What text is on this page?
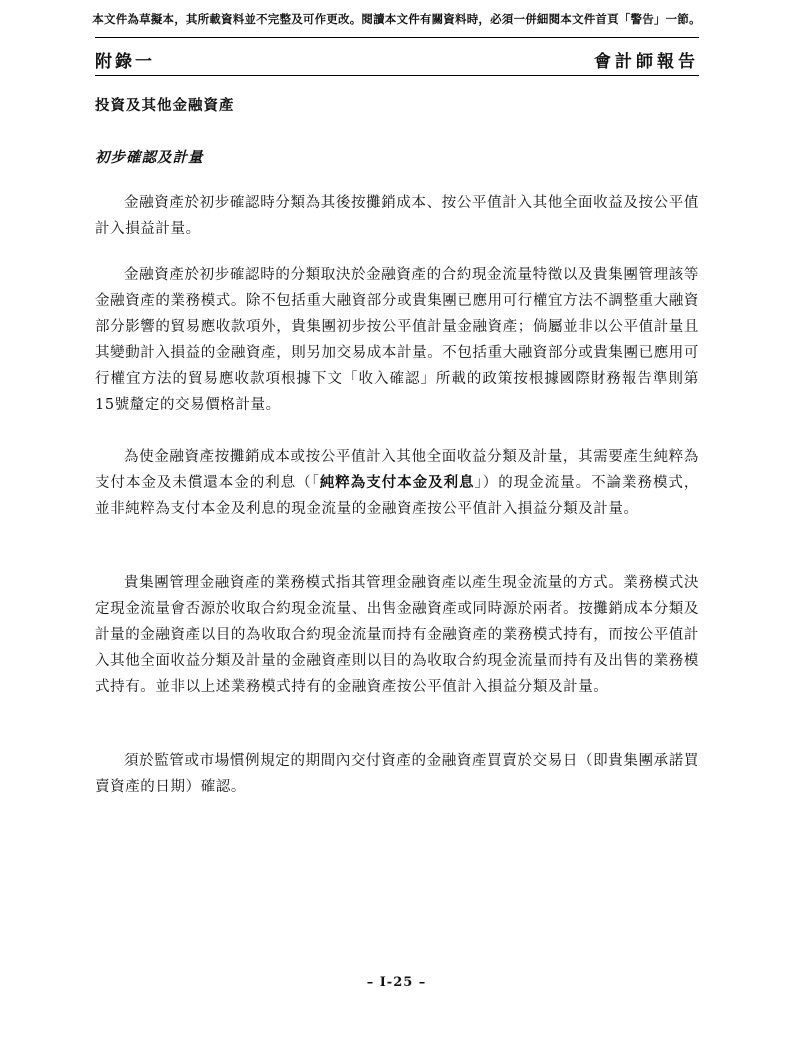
本文件為草擬本，其所載資料並不完整及可作更改。閱讀本文件有關資料時，必須一併細閱本文件首頁「警告」一節。
附錄一	會計師報告
投資及其他金融資產
初步確認及計量

金融資產於初步確認時分類為其後按攤銷成本、按公平值計入其他全面收益及按公平值計入損益計量。

金融資產於初步確認時的分類取決於金融資產的合約現金流量特徵以及貴集團管理該等金融資產的業務模式。除不包括重大融資部分或貴集團已應用可行權宜方法不調整重大融資部分影響的貿易應收款項外，貴集團初步按公平值計量金融資產；倘屬並非以公平值計量且其變動計入損益的金融資產，則另加交易成本計量。不包括重大融資部分或貴集團已應用可行權宜方法的貿易應收款項根據下文「收入確認」所載的政策按根據國際財務報告準則第15號釐定的交易價格計量。

為使金融資產按攤銷成本或按公平值計入其他全面收益分類及計量，其需要產生純粹為支付本金及未償還本金的利息（「純粹為支付本金及利息」）的現金流量。不論業務模式，並非純粹為支付本金及利息的現金流量的金融資產按公平值計入損益分類及計量。

貴集團管理金融資產的業務模式指其管理金融資產以產生現金流量的方式。業務模式決定現金流量會否源於收取合約現金流量、出售金融資產或同時源於兩者。按攤銷成本分類及計量的金融資產以目的為收取合約現金流量而持有金融資產的業務模式持有，而按公平值計入其他全面收益分類及計量的金融資產則以目的為收取合約現金流量而持有及出售的業務模式持有。並非以上述業務模式持有的金融資產按公平值計入損益分類及計量。

須於監管或市場慣例規定的期間內交付資產的金融資產買賣於交易日（即貴集團承諾買賣資產的日期）確認。

– I-25 –
